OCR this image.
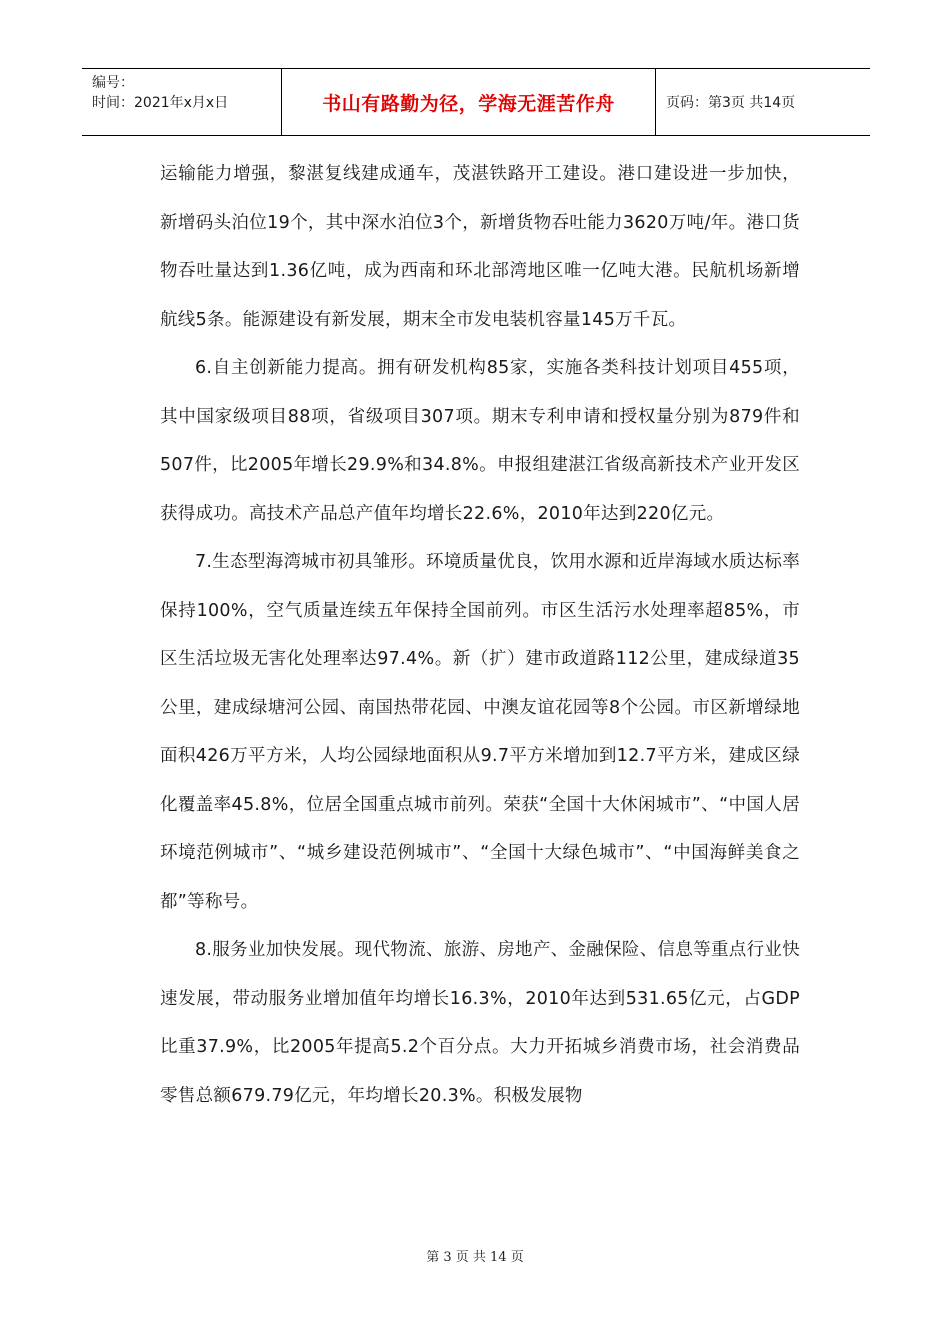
编号：
时间：2021年x月x日	书山有路勤为径，学海无涯苦作舟	页码：第3页 共14页

运输能力增强，黎湛复线建成通车，茂湛铁路开工建设。港口建设进一步加快，新增码头泊位19个，其中深水泊位3个，新增货物吞吐能力3620万吨/年。港口货物吞吐量达到1.36亿吨，成为西南和环北部湾地区唯一亿吨大港。民航机场新增航线5条。能源建设有新发展，期末全市发电装机容量145万千瓦。

6.自主创新能力提高。拥有研发机构85家，实施各类科技计划项目455项，其中国家级项目88项，省级项目307项。期末专利申请和授权量分别为879件和507件，比2005年增长29.9%和34.8%。申报组建湛江省级高新技术产业开发区获得成功。高技术产品总产值年均增长22.6%，2010年达到220亿元。

7.生态型海湾城市初具雏形。环境质量优良，饮用水源和近岸海域水质达标率保持100%，空气质量连续五年保持全国前列。市区生活污水处理率超85%，市区生活垃圾无害化处理率达97.4%。新（扩）建市政道路112公里，建成绿道35公里，建成绿塘河公园、南国热带花园、中澳友谊花园等8个公园。市区新增绿地面积426万平方米，人均公园绿地面积从9.7平方米增加到12.7平方米，建成区绿化覆盖率45.8%，位居全国重点城市前列。荣获“全国十大休闲城市”、“中国人居环境范例城市”、“城乡建设范例城市”、“全国十大绿色城市”、“中国海鲜美食之都”等称号。

8.服务业加快发展。现代物流、旅游、房地产、金融保险、信息等重点行业快速发展，带动服务业增加值年均增长16.3%，2010年达到531.65亿元，占GDP比重37.9%，比2005年提高5.2个百分点。大力开拓城乡消费市场，社会消费品零售总额679.79亿元，年均增长20.3%。积极发展物

第 3 页 共 14 页
